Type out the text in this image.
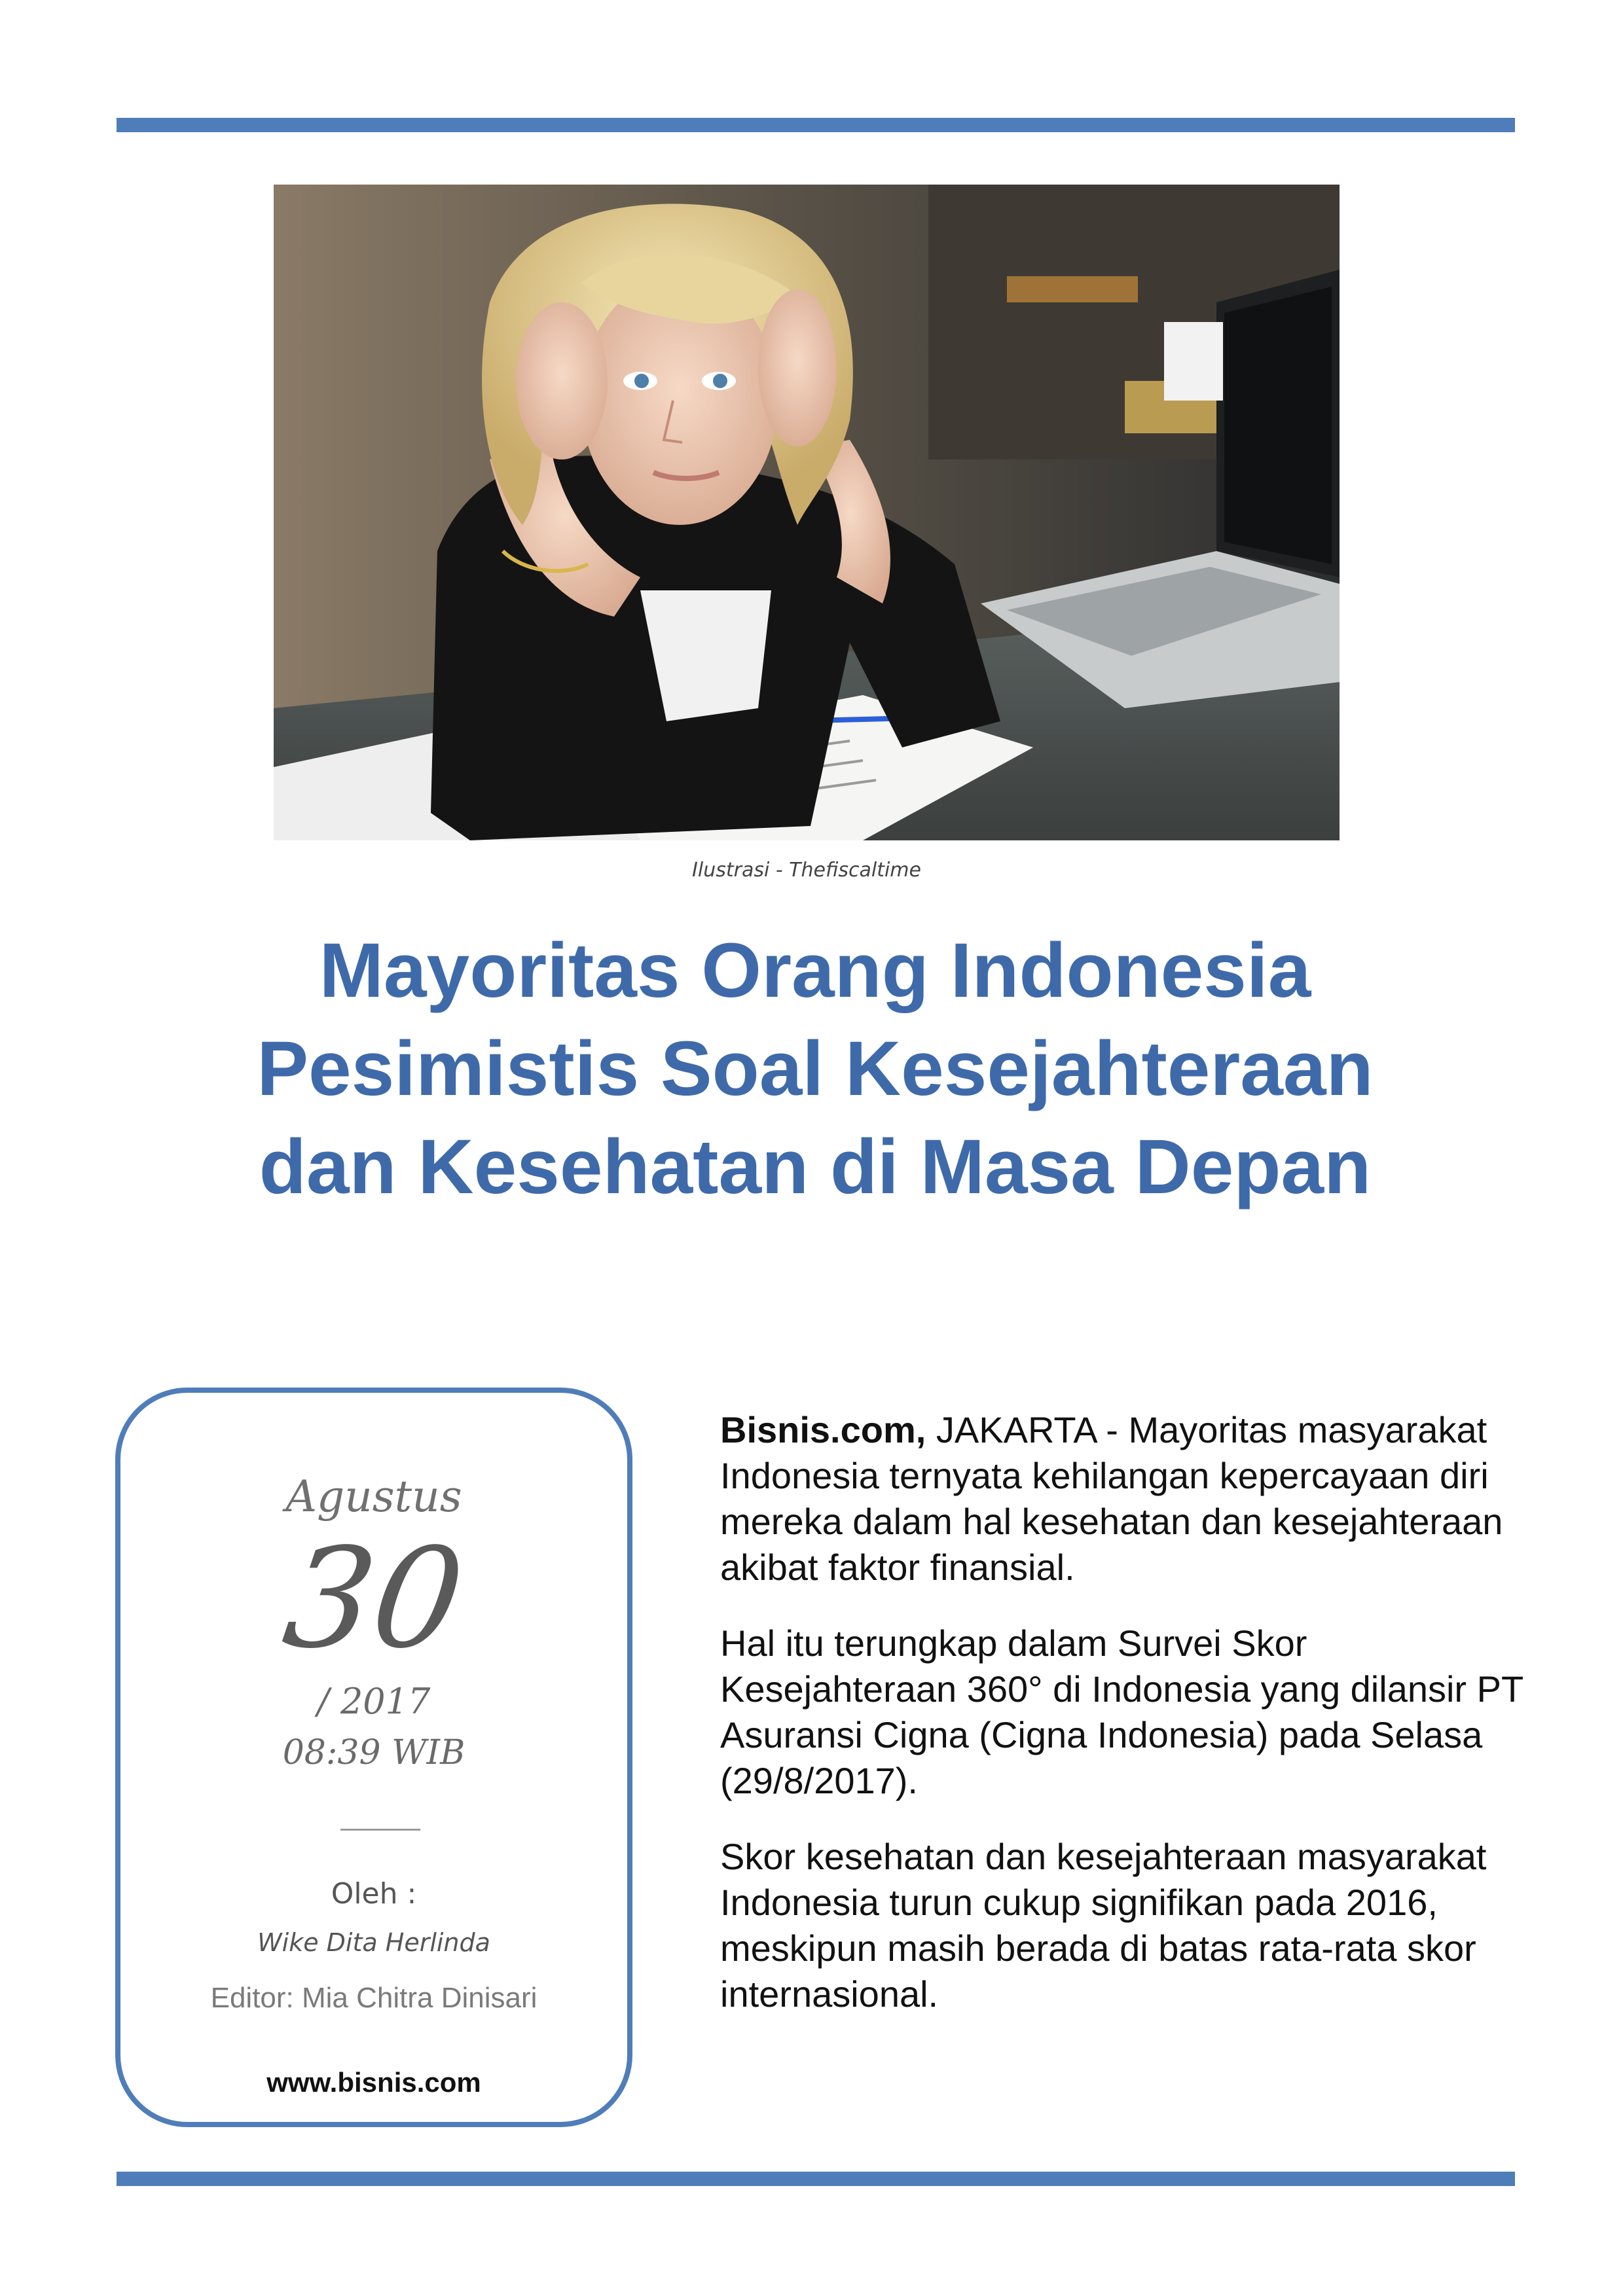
Ilustrasi - Thefiscaltime
Mayoritas Orang Indonesia
Pesimistis Soal Kesejahteraan
dan Kesehatan di Masa Depan
Agustus
30
/ 2017
08:39 WIB
Oleh :
Wike Dita Herlinda
Editor: Mia Chitra Dinisari
www.bisnis.com

Bisnis.com, JAKARTA - Mayoritas masyarakat Indonesia ternyata kehilangan kepercayaan diri mereka dalam hal kesehatan dan kesejahteraan akibat faktor finansial.

Hal itu terungkap dalam Survei Skor Kesejahteraan 360° di Indonesia yang dilansir PT Asuransi Cigna (Cigna Indonesia) pada Selasa (29/8/2017).

Skor kesehatan dan kesejahteraan masyarakat Indonesia turun cukup signifikan pada 2016, meskipun masih berada di batas rata-rata skor internasional.
